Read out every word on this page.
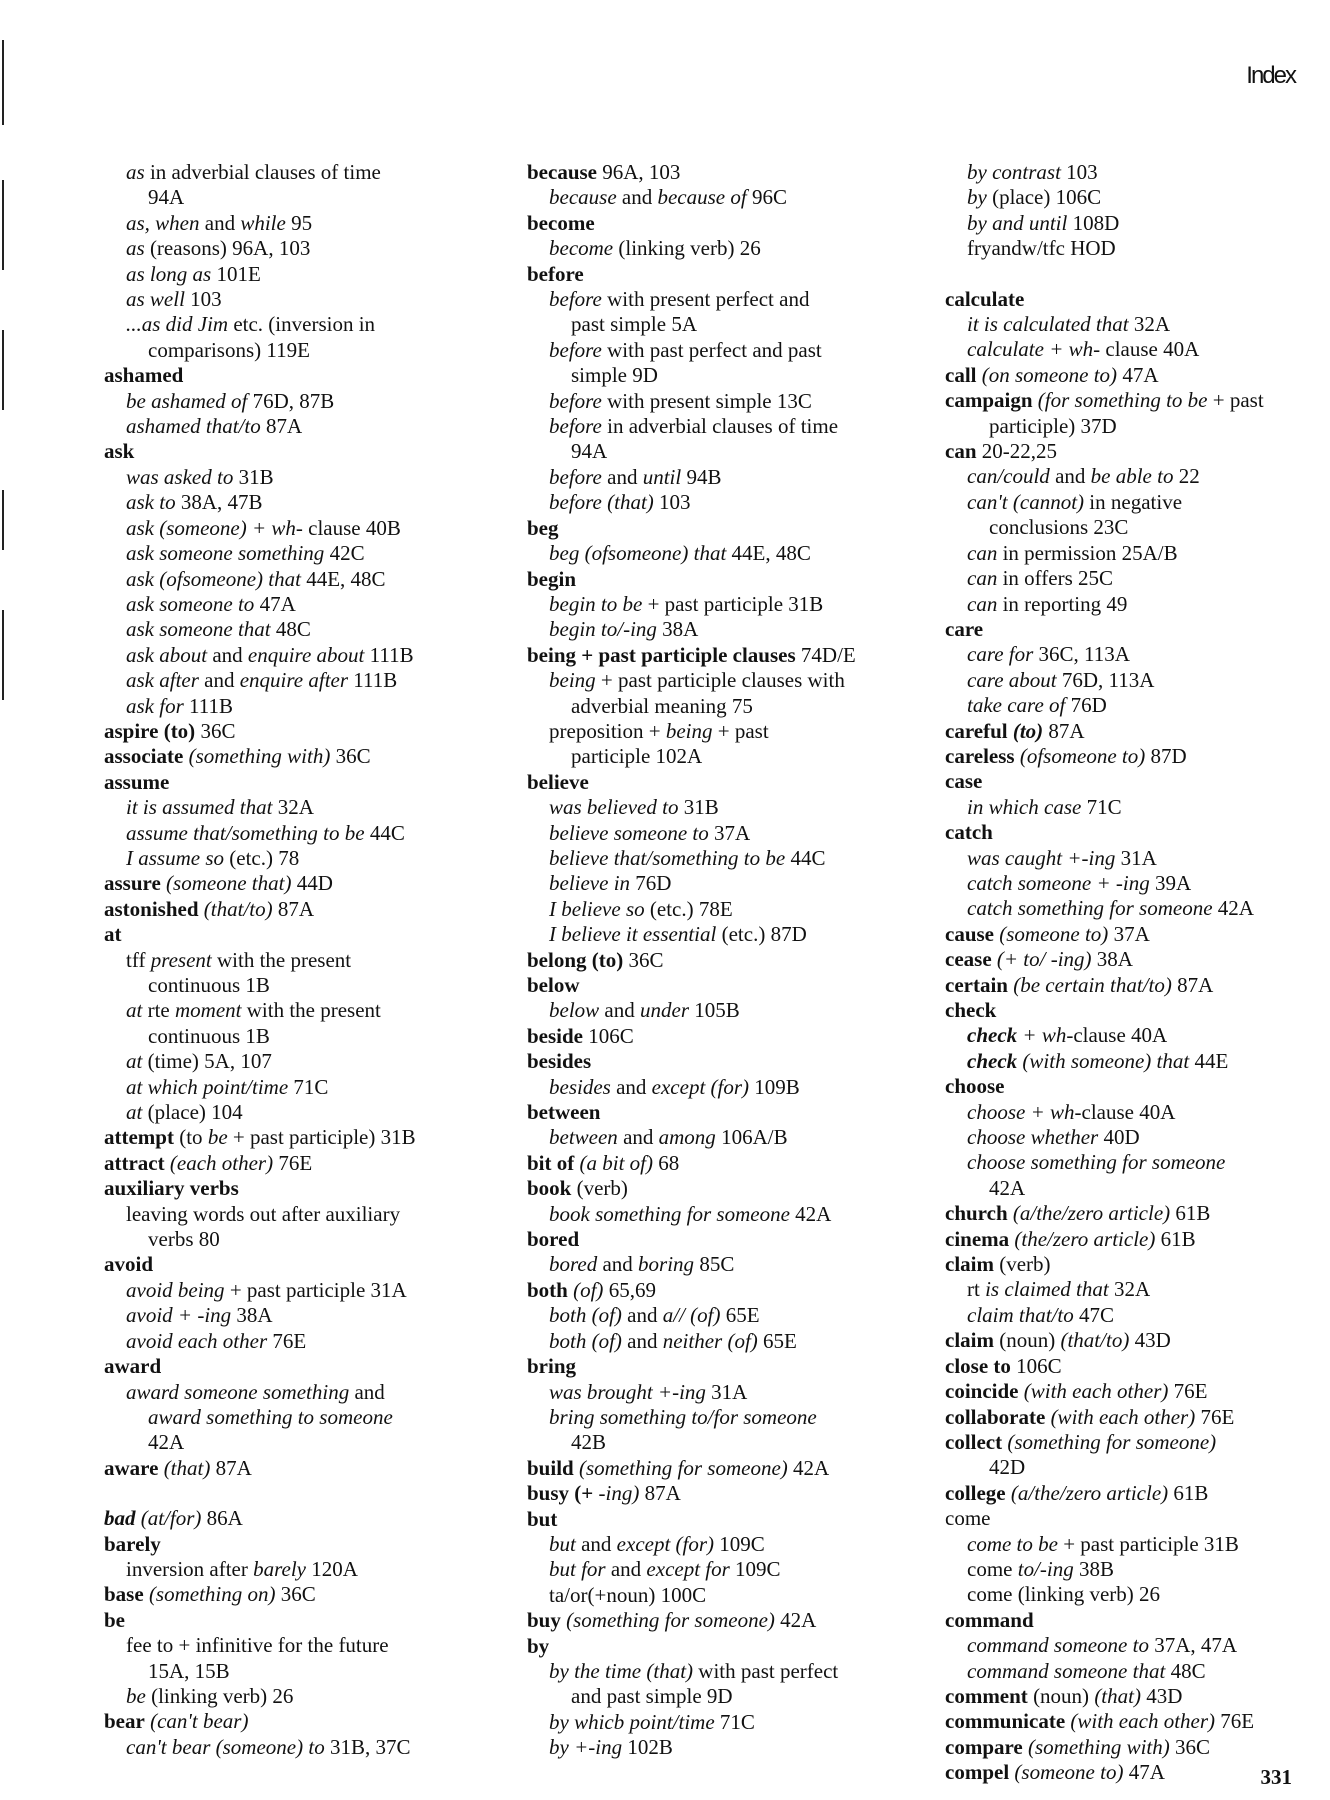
Index
as in adverbial clauses of time
94A
as, when and while 95
as (reasons) 96A, 103
as long as 101E
as well 103
...as did Jim etc. (inversion in
comparisons) 119E
ashamed
be ashamed of 76D, 87B
ashamed that/to 87A
ask
was asked to 31B
ask to 38A, 47B
ask (someone) + wh- clause 40B
ask someone something 42C
ask (ofsomeone) that 44E, 48C
ask someone to 47A
ask someone that 48C
ask about and enquire about 111B
ask after and enquire after 111B
ask for 111B
aspire (to) 36C
associate (something with) 36C
assume
it is assumed that 32A
assume that/something to be 44C
I assume so (etc.) 78
assure (someone that) 44D
astonished (that/to) 87A
at
tff present with the present
continuous 1B
at rte moment with the present
continuous 1B
at (time) 5A, 107
at which point/time 71C
at (place) 104
attempt (to be + past participle) 31B
attract (each other) 76E
auxiliary verbs
leaving words out after auxiliary
verbs 80
avoid
avoid being + past participle 31A
avoid + -ing 38A
avoid each other 76E
award
award someone something and
award something to someone
42A
aware (that) 87A
bad (at/for) 86A
barely
inversion after barely 120A
base (something on) 36C
be
fee to + infinitive for the future
15A, 15B
be (linking verb) 26
bear (can't bear)
can't bear (someone) to 31B, 37C
because 96A, 103
because and because of 96C
become
become (linking verb) 26
before
before with present perfect and
past simple 5A
before with past perfect and past
simple 9D
before with present simple 13C
before in adverbial clauses of time
94A
before and until 94B
before (that) 103
beg
beg (ofsomeone) that 44E, 48C
begin
begin to be + past participle 31B
begin to/-ing 38A
being + past participle clauses 74D/E
being + past participle clauses with
adverbial meaning 75
preposition + being + past
participle 102A
believe
was believed to 31B
believe someone to 37A
believe that/something to be 44C
believe in 76D
I believe so (etc.) 78E
I believe it essential (etc.) 87D
belong (to) 36C
below
below and under 105B
beside 106C
besides
besides and except (for) 109B
between
between and among 106A/B
bit of (a bit of) 68
book (verb)
book something for someone 42A
bored
bored and boring 85C
both (of) 65,69
both (of) and a// (of) 65E
both (of) and neither (of) 65E
bring
was brought +-ing 31A
bring something to/for someone
42B
build (something for someone) 42A
busy (+ -ing) 87A
but
but and except (for) 109C
but for and except for 109C
ta/or(+noun) 100C
buy (something for someone) 42A
by
by the time (that) with past perfect
and past simple 9D
by whicb point/time 71C
by +-ing 102B
by contrast 103
by (place) 106C
by and until 108D
fryandw/tfc HOD
calculate
it is calculated that 32A
calculate + wh- clause 40A
call (on someone to) 47A
campaign (for something to be + past
participle) 37D
can 20-22,25
can/could and be able to 22
can't (cannot) in negative
conclusions 23C
can in permission 25A/B
can in offers 25C
can in reporting 49
care
care for 36C, 113A
care about 76D, 113A
take care of 76D
careful (to) 87A
careless (ofsomeone to) 87D
case
in which case 71C
catch
was caught +-ing 31A
catch someone + -ing 39A
catch something for someone 42A
cause (someone to) 37A
cease (+ to/ -ing) 38A
certain (be certain that/to) 87A
check
check + wh-clause 40A
check (with someone) that 44E
choose
choose + wh-clause 40A
choose whether 40D
choose something for someone
42A
church (a/the/zero article) 61B
cinema (the/zero article) 61B
claim (verb)
rt is claimed that 32A
claim that/to 47C
claim (noun) (that/to) 43D
close to 106C
coincide (with each other) 76E
collaborate (with each other) 76E
collect (something for someone)
42D
college (a/the/zero article) 61B
come
come to be + past participle 31B
come to/-ing 38B
come (linking verb) 26
command
command someone to 37A, 47A
command someone that 48C
comment (noun) (that) 43D
communicate (with each other) 76E
compare (something with) 36C
compel (someone to) 47A	331
